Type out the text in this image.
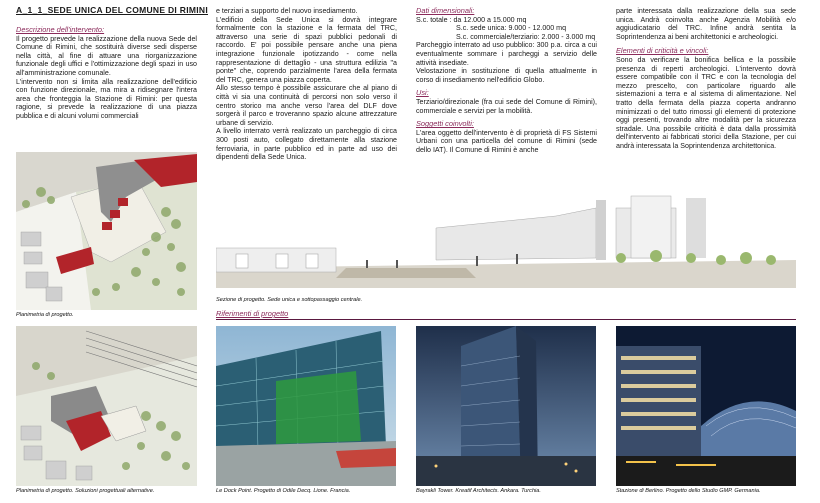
A_1_1_SEDE UNICA DEL COMUNE DI RIMINI
Descrizione dell'intervento:

Il progetto prevede la realizzazione della nuova Sede del Comune di Rimini, che sostituirà diverse sedi disperse nella città, al fine di attuare una riorganizzazione funzionale degli uffici e l'ottimizzazione degli spazi in uso all'amministrazione comunale.

L'intervento non si limita alla realizzazione dell'edificio con funzione direzionale, ma mira a ridisegnare l'intera area che fronteggia la Stazione di Rimini: per questa ragione, si prevede la realizzazione di una piazza pubblica e di alcuni volumi commerciali

e terziari a supporto del nuovo insediamento.

L'edificio della Sede Unica si dovrà integrare formalmente con la stazione e la fermata del TRC, attraverso una serie di spazi pubblici pedonali di raccordo. E' poi possibile pensare anche una piena integrazione funzionale ipotizzando - come nella rappresentazione di dettaglio - una struttura edilizia "a ponte" che, coprendo parzialmente l'area della fermata del TRC, genera una piazza coperta.

Allo stesso tempo è possibile assicurare che al piano di città vi sia una continuità di percorsi non solo verso il centro storico ma anche verso l'area del DLF dove sorgerà il parco e troveranno spazio alcune attrezzature urbane di servizio.

A livello interrato verrà realizzato un parcheggio di circa 300 posti auto, collegato direttamente alla stazione ferroviaria, in parte pubblico ed in parte ad uso dei dipendenti della Sede Unica.

Dati dimensionali:
S.c. totale : da 12.000 a 15.000 mq
S.c. sede unica: 9.000 - 12.000 mq
S.c. commerciale/terziario: 2.000 - 3.000 mq

Parcheggio interrato ad uso pubblico: 300 p.a. circa a cui eventualmente sommare i parcheggi a servizio delle attività insediate.

Velostazione in sostituzione di quella attualmente in corso di insediamento nell'edificio Globo.

Usi:

Terziario/direzionale (fra cui sede del Comune di Rimini), commerciale e servizi per la mobilità.

Soggetti coinvolti:

L'area oggetto dell'intervento è di proprietà di FS Sistemi Urbani con una particella del comune di Rimini (sede dello IAT). Il Comune di Rimini è anche

parte interessata dalla realizzazione della sua sede unica. Andrà coinvolta anche Agenzia Mobilità e/o aggiudicatario del TRC. Infine andrà sentita la Soprintendenza ai beni architettonici e archeologici.

Elementi di criticità e vincoli:

Sono da verificare la bonifica bellica e la possibile presenza di reperti archeologici. L'intervento dovrà essere compatibile con il TRC e con la tecnologia del mezzo prescelto, con particolare riguardo alle sistemazioni a terra e al sistema di alimentazione. Nel tratto della fermata della piazza coperta andranno minimizzati o del tutto rimossi gli elementi di protezione oggi presenti, trovando altre modalità per la sicurezza stradale. Una possibile criticità è data dalla prossimità dell'intervento ai fabbricati storici della Stazione, per cui andrà interessata la Soprintendenza architettonica.

Planimetria di progetto.
Sezione di progetto. Sede unica e sottopassaggio centrale.
Riferimenti di progetto
Planimetria di progetto. Soluzioni progettuali alternative.	Le Dock Point. Progetto di Odile Decq. Lione. Francia.	Bayrakli Tower. Kreatif Architects. Ankara. Turchia.	Stazione di Berlino. Progetto dello Studio GMP. Germania.
